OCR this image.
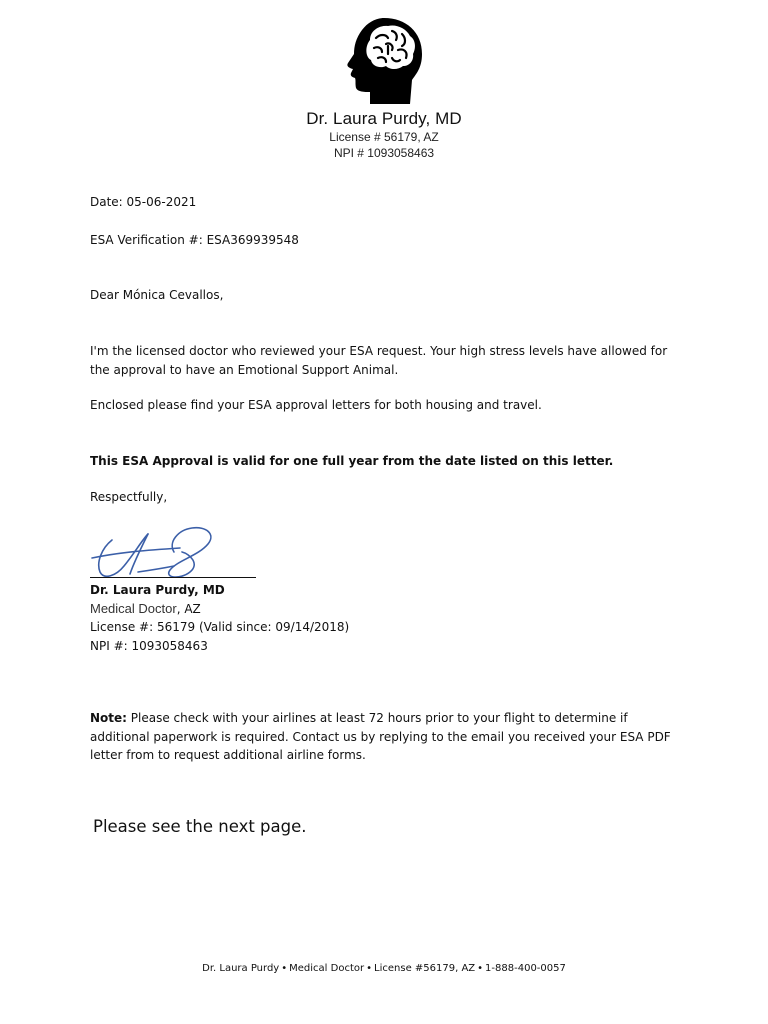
Dr. Laura Purdy, MD
License # 56179, AZ
NPI # 1093058463
Date: 05-06-2021
ESA Verification #: ESA369939548
Dear Mónica Cevallos,
I'm the licensed doctor who reviewed your ESA request. Your high stress levels have allowed for the approval to have an Emotional Support Animal.
Enclosed please find your ESA approval letters for both housing and travel.
This ESA Approval is valid for one full year from the date listed on this letter.
Respectfully,
Dr. Laura Purdy, MD
Medical Doctor, AZ
License #: 56179 (Valid since: 09/14/2018)
NPI #: 1093058463
Note: Please check with your airlines at least 72 hours prior to your flight to determine if additional paperwork is required. Contact us by replying to the email you received your ESA PDF letter from to request additional airline forms.
Please see the next page.
Dr. Laura Purdy • Medical Doctor • License #56179, AZ • 1-888-400-0057
